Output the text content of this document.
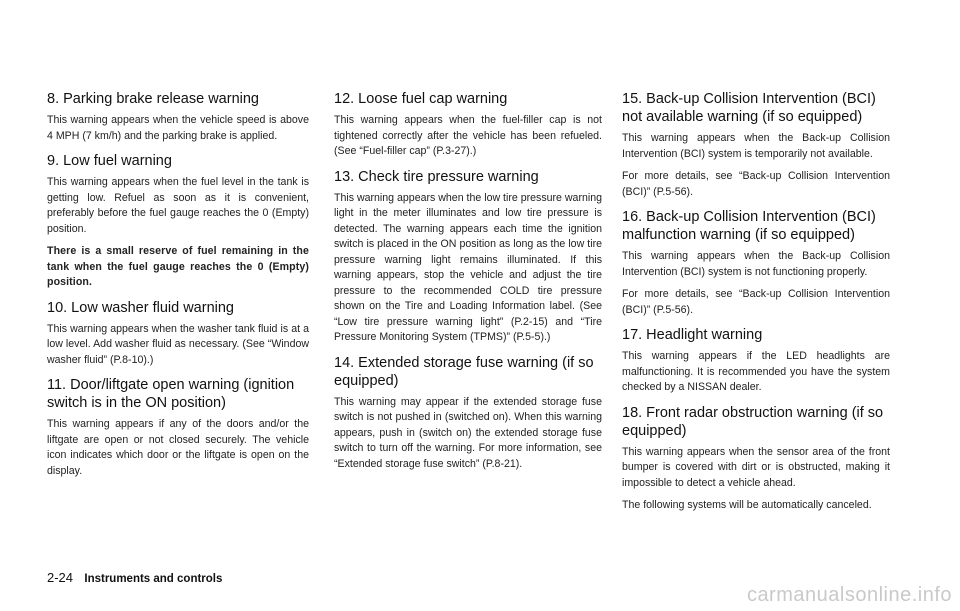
8. Parking brake release warning

This warning appears when the vehicle speed is above 4 MPH (7 km/h) and the parking brake is applied.

9. Low fuel warning

This warning appears when the fuel level in the tank is getting low. Refuel as soon as it is convenient, preferably before the fuel gauge reaches the 0 (Empty) position.

There is a small reserve of fuel remaining in the tank when the fuel gauge reaches the 0 (Empty) position.

10. Low washer fluid warning

This warning appears when the washer tank fluid is at a low level. Add washer fluid as necessary. (See “Window washer fluid” (P.8-10).)

11. Door/liftgate open warning (ignition switch is in the ON position)

This warning appears if any of the doors and/or the liftgate are open or not closed securely. The vehicle icon indicates which door or the liftgate is open on the display.

12. Loose fuel cap warning

This warning appears when the fuel-filler cap is not tightened correctly after the vehicle has been refueled. (See “Fuel-filler cap” (P.3-27).)

13. Check tire pressure warning

This warning appears when the low tire pressure warning light in the meter illuminates and low tire pressure is detected. The warning appears each time the ignition switch is placed in the ON position as long as the low tire pressure warning light remains illuminated. If this warning appears, stop the vehicle and adjust the tire pressure to the recommended COLD tire pressure shown on the Tire and Loading Information label. (See “Low tire pressure warning light” (P.2-15) and “Tire Pressure Monitoring System (TPMS)” (P.5-5).)

14. Extended storage fuse warning (if so equipped)

This warning may appear if the extended storage fuse switch is not pushed in (switched on). When this warning appears, push in (switch on) the extended storage fuse switch to turn off the warning. For more information, see “Extended storage fuse switch” (P.8-21).

15. Back-up Collision Intervention (BCI) not available warning (if so equipped)

This warning appears when the Back-up Collision Intervention (BCI) system is temporarily not available.

For more details, see “Back-up Collision Intervention (BCI)” (P.5-56).

16. Back-up Collision Intervention (BCI) malfunction warning (if so equipped)

This warning appears when the Back-up Collision Intervention (BCI) system is not functioning properly.

For more details, see “Back-up Collision Intervention (BCI)” (P.5-56).

17. Headlight warning

This warning appears if the LED headlights are malfunctioning. It is recommended you have the system checked by a NISSAN dealer.

18. Front radar obstruction warning (if so equipped)

This warning appears when the sensor area of the front bumper is covered with dirt or is obstructed, making it impossible to detect a vehicle ahead.

The following systems will be automatically canceled.

2-24 Instruments and controls
carmanualsonline.info
